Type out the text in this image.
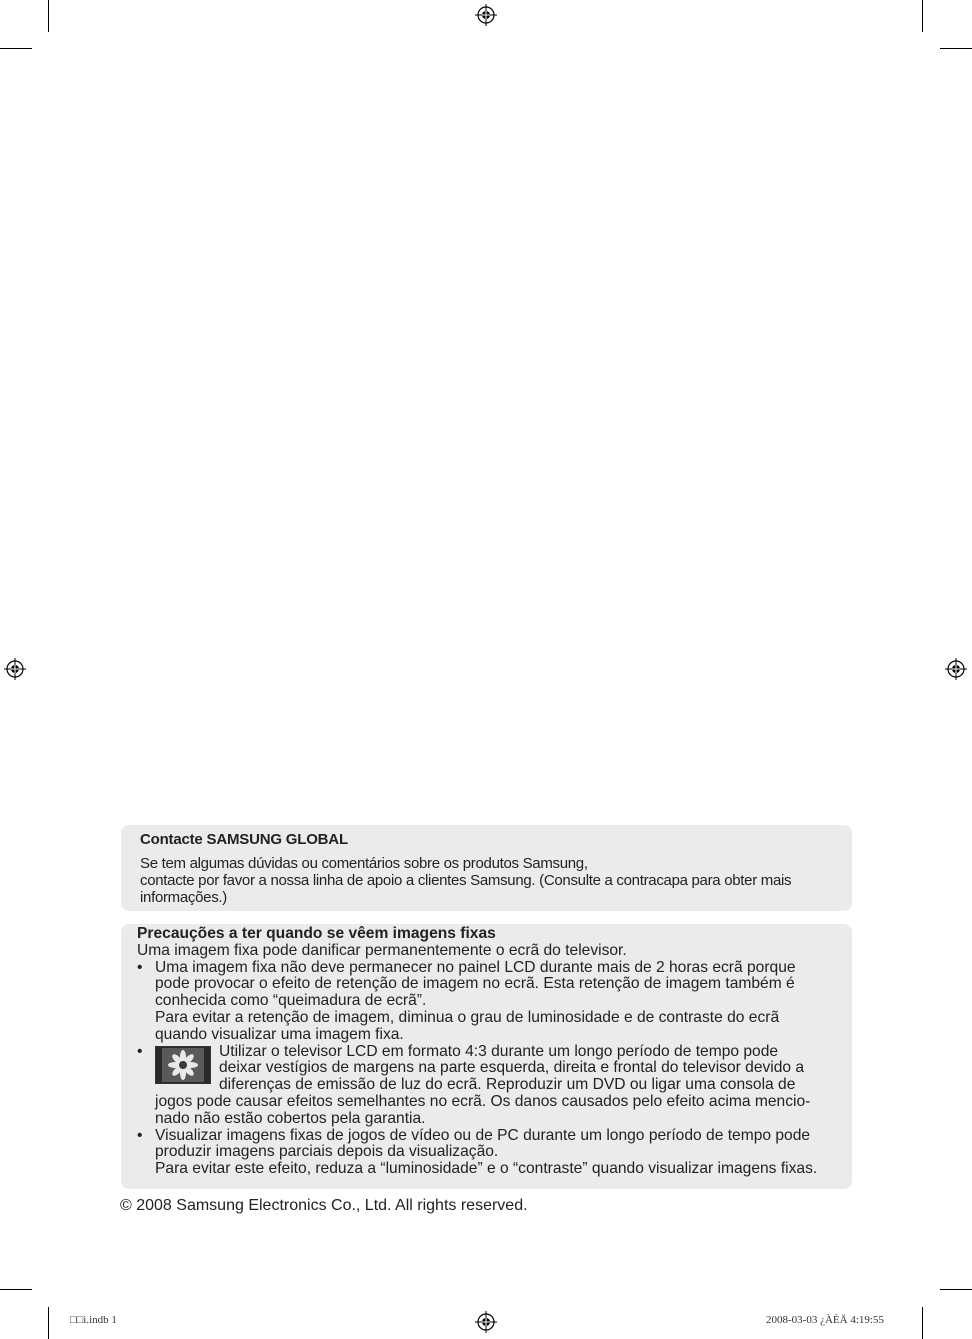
Contacte SAMSUNG GLOBAL
Se tem algumas dúvidas ou comentários sobre os produtos Samsung,
contacte por favor a nossa linha de apoio a clientes Samsung. (Consulte a contracapa para obter mais
informações.)
Precauções a ter quando se vêem imagens fixas
Uma imagem fixa pode danificar permanentemente o ecrã do televisor.
• Uma imagem fixa não deve permanecer no painel LCD durante mais de 2 horas ecrã porque
pode provocar o efeito de retenção de imagem no ecrã. Esta retenção de imagem também é
conhecida como “queimadura de ecrã”.
Para evitar a retenção de imagem, diminua o grau de luminosidade e de contraste do ecrã
quando visualizar uma imagem fixa.
•	Utilizar o televisor LCD em formato 4:3 durante um longo período de tempo pode
deixar vestígios de margens na parte esquerda, direita e frontal do televisor devido a
diferenças de emissão de luz do ecrã. Reproduzir um DVD ou ligar uma consola de
jogos pode causar efeitos semelhantes no ecrã. Os danos causados pelo efeito acima mencio-
nado não estão cobertos pela garantia.
• Visualizar imagens fixas de jogos de vídeo ou de PC durante um longo período de tempo pode
produzir imagens parciais depois da visualização.
Para evitar este efeito, reduza a “luminosidade” e o “contraste” quando visualizar imagens fixas.
© 2008 Samsung Electronics Co., Ltd. All rights reserved.
□□i.indb 1	2008-03-03 ¿ÀÈÄ 4:19:55
